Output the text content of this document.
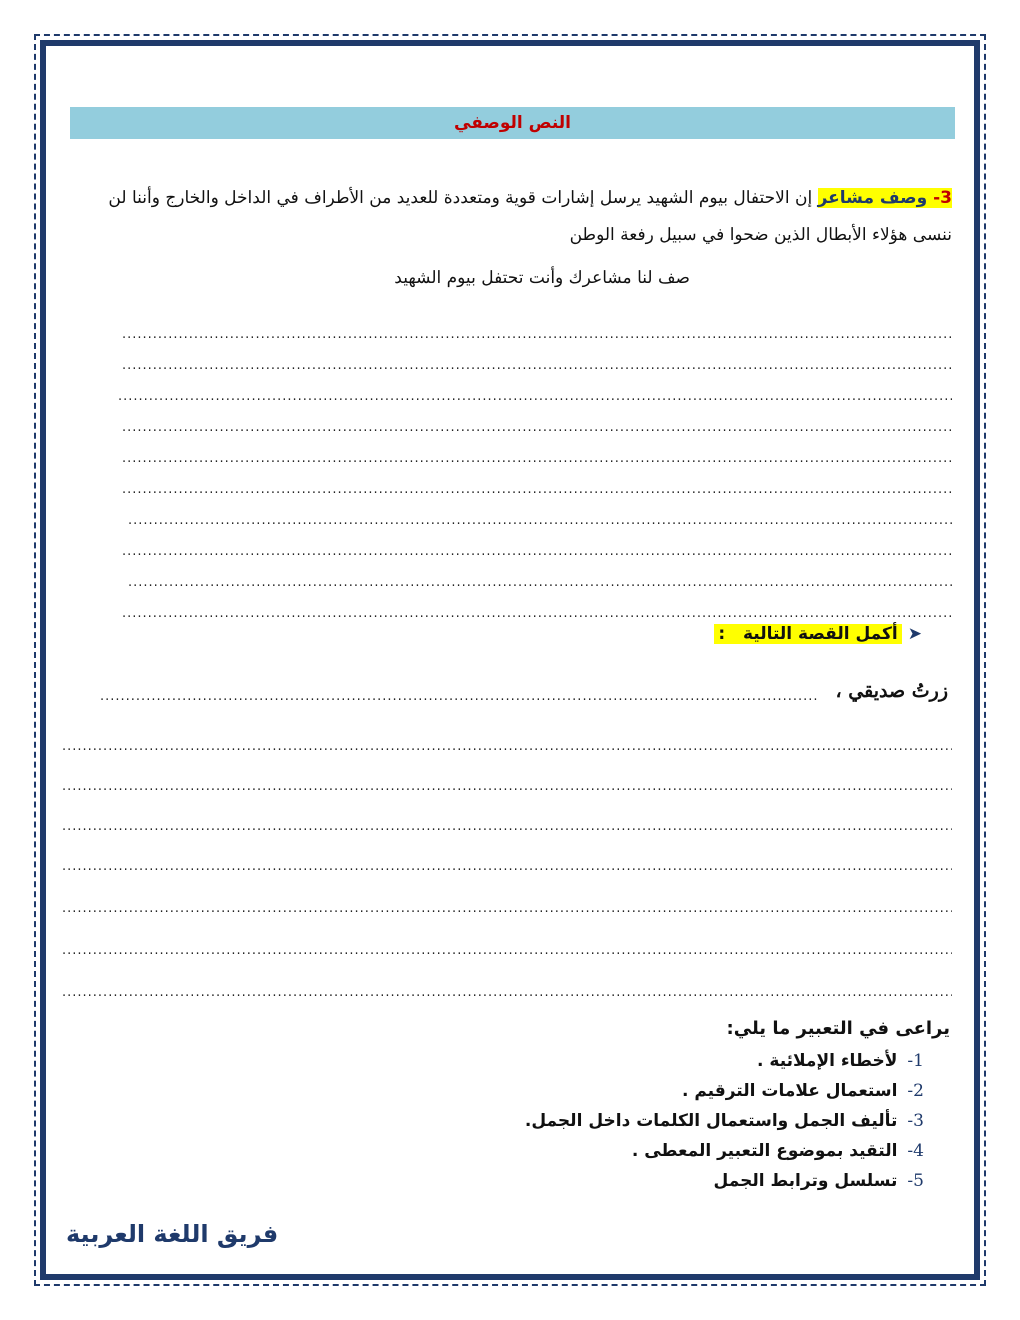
النص الوصفي
3- وصف مشاعر إن الاحتفال بيوم الشهيد يرسل إشارات قوية ومتعددة للعديد من الأطراف في الداخل والخارج وأننا لن ننسى هؤلاء الأبطال الذين ضحوا في سبيل رفعة الوطن
صف لنا مشاعرك وأنت تحتفل بيوم الشهيد
.....
.....
.....
.....
.....
.....
.....
.....
.....
.....
➤أكمل القصة التالية   :
زرتُ صديقي ،
.....
.....
.....
.....
.....
.....
.....
.....
يراعى في التعبير ما يلي:
1-لأخطاء الإملائية .
2-استعمال علامات الترقيم .
3-تأليف الجمل واستعمال الكلمات داخل الجمل.
4-التقيد بموضوع التعبير المعطى .
5-تسلسل وترابط الجمل
فريق اللغة العربية
